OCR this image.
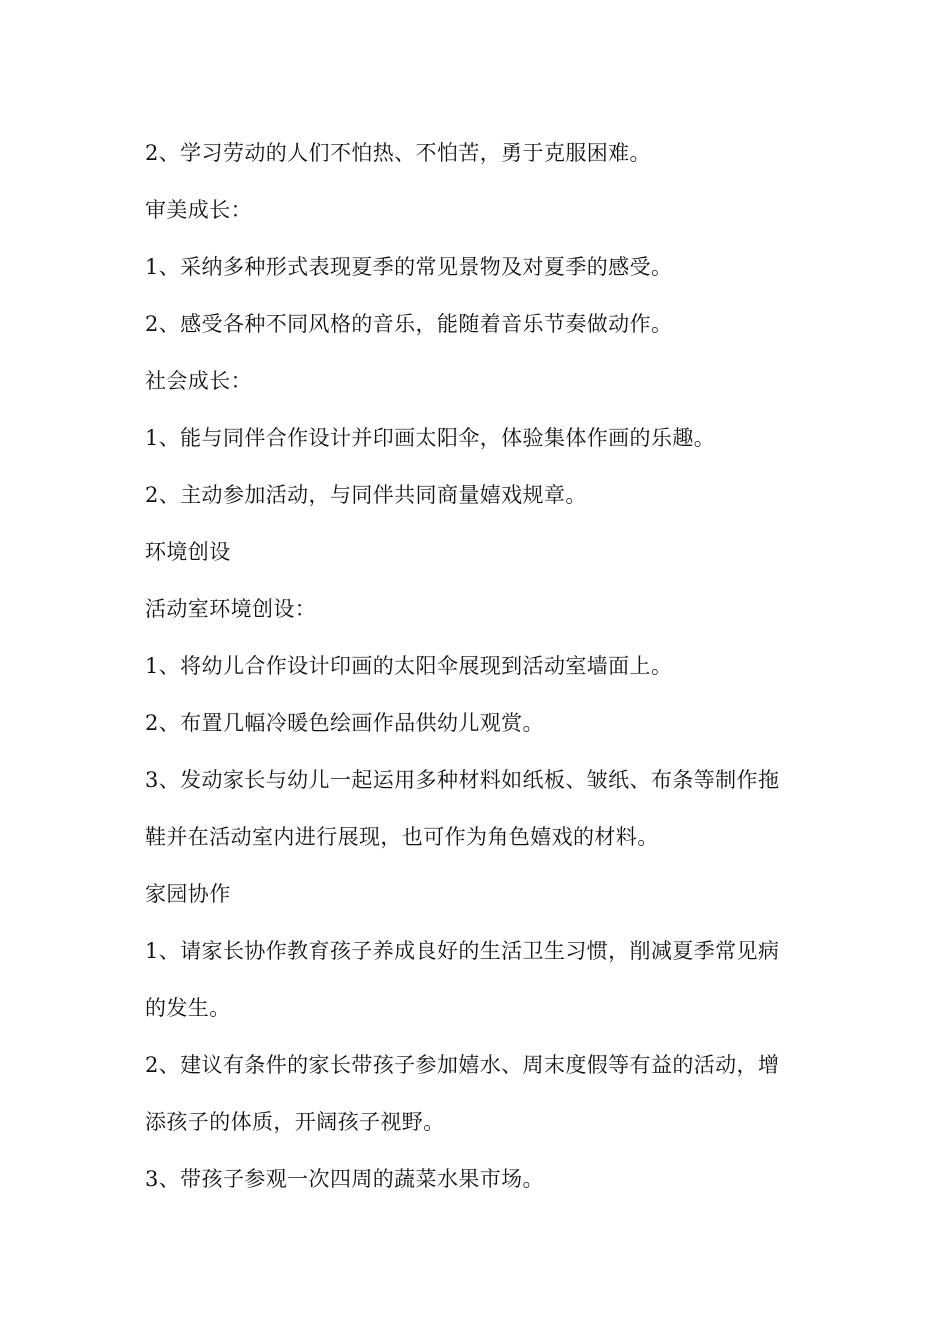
2、学习劳动的人们不怕热、不怕苦，勇于克服困难。
审美成长：
1、采纳多种形式表现夏季的常见景物及对夏季的感受。
2、感受各种不同风格的音乐，能随着音乐节奏做动作。
社会成长：
1、能与同伴合作设计并印画太阳伞，体验集体作画的乐趣。
2、主动参加活动，与同伴共同商量嬉戏规章。
环境创设
活动室环境创设：
1、将幼儿合作设计印画的太阳伞展现到活动室墙面上。
2、布置几幅冷暖色绘画作品供幼儿观赏。
3、发动家长与幼儿一起运用多种材料如纸板、皱纸、布条等制作拖
鞋并在活动室内进行展现，也可作为角色嬉戏的材料。
家园协作
1、请家长协作教育孩子养成良好的生活卫生习惯，削减夏季常见病
的发生。
2、建议有条件的家长带孩子参加嬉水、周末度假等有益的活动，增
添孩子的体质，开阔孩子视野。
3、带孩子参观一次四周的蔬菜水果市场。
